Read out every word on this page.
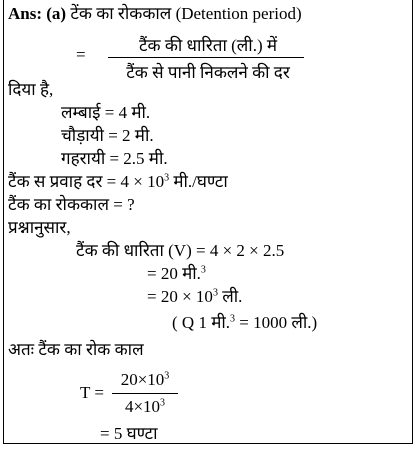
Ans: (a) टेंक का रोककाल (Detention period)
=	टैंक की धारिता (ली.) में
टैंक से पानी निकलने की दर
दिया है,
लम्बाई = 4 मी.
चौड़ायी = 2 मी.
गहरायी = 2.5 मी.
टैंक स प्रवाह दर = $4 \times 10^3$ मी./घण्टा
टैंक का रोककाल = ?
प्रश्नानुसार,
टैंक की धारिता (V) = 4 × 2 × 2.5
= 20 मी.$^3$
= $20 \times 10^3$ ली.
( Q 1 मी.$^3$ = 1000 ली.)
अतः टैंक का रोक काल
T =
$20\times 10^3$
$4\times 10^3$
= 5 घण्टा
